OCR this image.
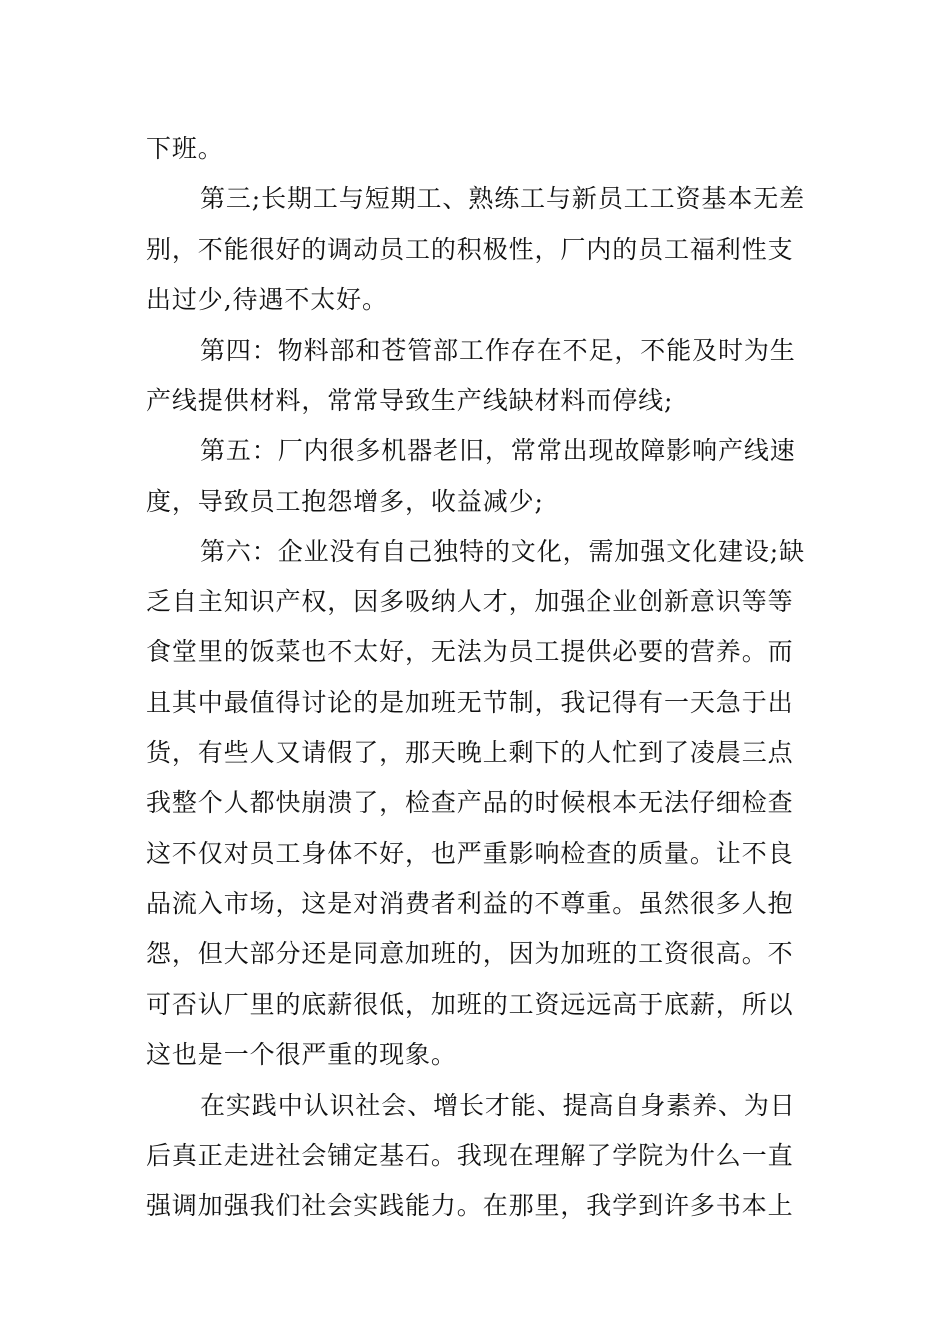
下班。
第三;长期工与短期工、熟练工与新员工工资基本无差
别，不能很好的调动员工的积极性，厂内的员工福利性支
出过少,待遇不太好。
第四：物料部和苍管部工作存在不足，不能及时为生
产线提供材料，常常导致生产线缺材料而停线;
第五：厂内很多机器老旧，常常出现故障影响产线速
度，导致员工抱怨增多，收益减少;
第六：企业没有自己独特的文化，需加强文化建设;缺
乏自主知识产权，因多吸纳人才，加强企业创新意识等等
食堂里的饭菜也不太好，无法为员工提供必要的营养。而
且其中最值得讨论的是加班无节制，我记得有一天急于出
货，有些人又请假了，那天晚上剩下的人忙到了凌晨三点
我整个人都快崩溃了，检查产品的时候根本无法仔细检查
这不仅对员工身体不好，也严重影响检查的质量。让不良
品流入市场，这是对消费者利益的不尊重。虽然很多人抱
怨，但大部分还是同意加班的，因为加班的工资很高。不
可否认厂里的底薪很低，加班的工资远远高于底薪，所以
这也是一个很严重的现象。
在实践中认识社会、增长才能、提高自身素养、为日
后真正走进社会铺定基石。我现在理解了学院为什么一直
强调加强我们社会实践能力。在那里，我学到许多书本上
